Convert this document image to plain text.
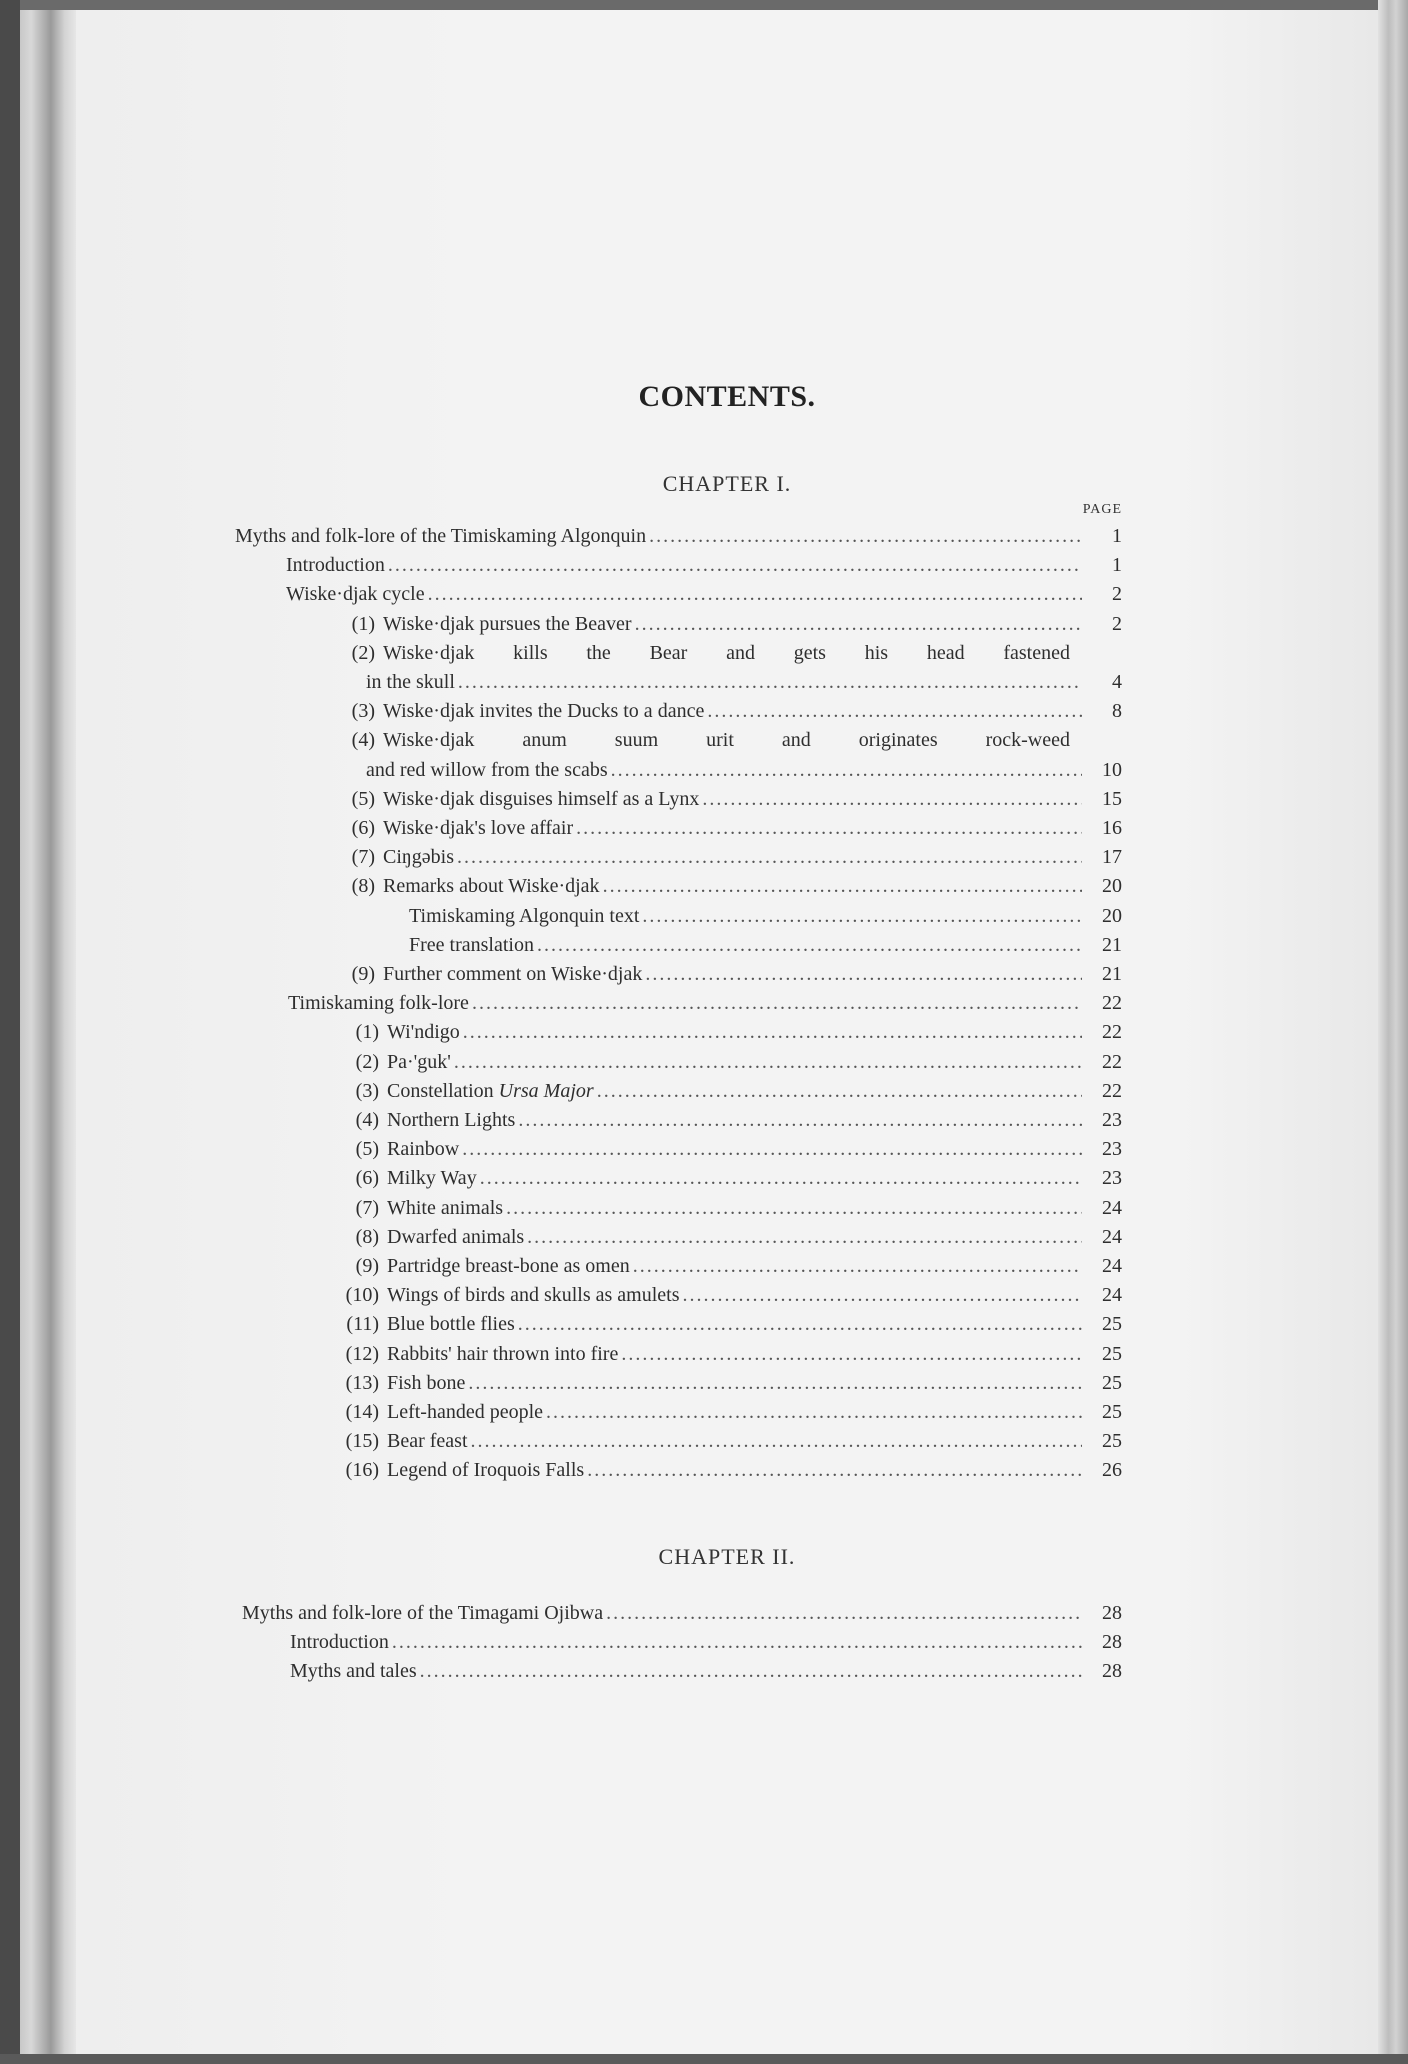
CONTENTS.
CHAPTER I.
PAGE
Myths and folk-lore of the Timiskaming Algonquin .....	1
Introduction .....	1
Wiske·djak cycle .....	2
(1) Wiske·djak pursues the Beaver .....	2
(2) Wiske·djak kills the Bear and gets his head fastened
in the skull .....	4
(3) Wiske·djak invites the Ducks to a dance .....	8
(4) Wiske·djak anum suum urit and originates rock-weed
and red willow from the scabs .....	10
(5) Wiske·djak disguises himself as a Lynx .....	15
(6) Wiske·djak's love affair .....	16
(7) Ciŋgəbis .....	17
(8) Remarks about Wiske·djak .....	20
Timiskaming Algonquin text .....	20
Free translation .....	21
(9) Further comment on Wiske·djak .....	21
Timiskaming folk-lore .....	22
(1) Wi'ndigo .....	22
(2) Pa·'guk' .....	22
(3) Constellation Ursa Major .....	22
(4) Northern Lights .....	23
(5) Rainbow .....	23
(6) Milky Way .....	23
(7) White animals .....	24
(8) Dwarfed animals .....	24
(9) Partridge breast-bone as omen .....	24
(10) Wings of birds and skulls as amulets .....	24
(11) Blue bottle flies .....	25
(12) Rabbits' hair thrown into fire .....	25
(13) Fish bone .....	25
(14) Left-handed people .....	25
(15) Bear feast .....	25
(16) Legend of Iroquois Falls .....	26
CHAPTER II.
Myths and folk-lore of the Timagami Ojibwa .....	28
Introduction .....	28
Myths and tales .....	28
